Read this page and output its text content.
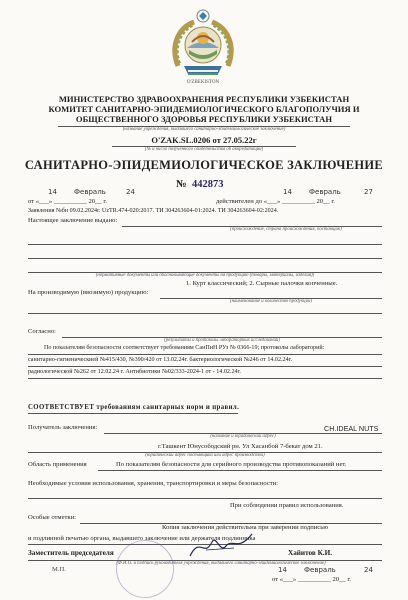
O'ZBEKISTON
МИНИСТЕРСТВО ЗДРАВООХРАНЕНИЯ РЕСПУБЛИКИ УЗБЕКИСТАН
КОМИТЕТ САНИТАРНО-ЭПИДЕМИОЛОГИЧЕСКОГО БЛАГОПОЛУЧИЯ И
ОБЩЕСТВЕННОГО ЗДОРОВЬЯ РЕСПУБЛИКИ УЗБЕКИСТАН
(название учреждения, выдавшего санитарно-эпидемиологическое заключение)
O'ZAK.SL.0206 от 27.05.22г
(№ и число полученного свидетельства об аккредитации)
САНИТАРНО-ЭПИДЕМИОЛОГИЧЕСКОЕ ЗАКЛЮЧЕНИЕ
№ 442873
14 Февраль	24	14 Февраль	27
от «___» __________ 20__ г.	действителен до «___» __________ 20__ г.
Заявления №бн 09.02.2024г. UzTR.474-020:2017. ТИ 304263604-01:2024. ТИ 304263604-02:2024.
Настоящее заключение выдано:
(происхождение, страна происхождения, поставщик)
(нормативные документы или обосновывающие документы на продукцию (товары, материалы, изделия))
1. Курт классический; 2. Сырные палочки копченные.
На производимую (ввозимую) продукцию:
(наименование и количество продукции)
Согласно:
(результаты и протоколы лабораторных исследований)
По показателям безопасности соответствует требованиям СанПиН РУз № 0366-19; протоколы лабораторий:
санитарно-гигиеническией №415/430, №390/420 от 13.02.24г. бактериологической №246 от 14.02.24г.
радиологической №262 от 12.02.24 г. Антибиотики №02/333-2024-1 от - 14.02.24г.
СООТВЕТСТВУЕТ требованиям санитарных норм и правил.
Получатель заключения:	CH.IDEAL NUTS
(название и юридический адрес)
г.Ташкент Юнусободский рн. Ул Хасанбой 7-бекат дом 21.
(юридический адрес поставщика или адрес производства)
Область применения	По показателям безопасности для серийного производства противопоказаний нет.
Необходимые условия использования, хранения, транспортировки и меры безопасности:
При соблюдении правил использования.
Особые отметки:
Копия заключения действительна при заверении подписью
и подлинной печатью органа, выдавшего заключение или держателя подлинника
Заместитель председателя	Хайитов К.И.
(Ф.И.О. и подпись руководителя учреждения, выдавшего санитарно-эпидемиологическое заключение)
М.П.	14 Февраль	24
от «___» __________ 20__ г.
